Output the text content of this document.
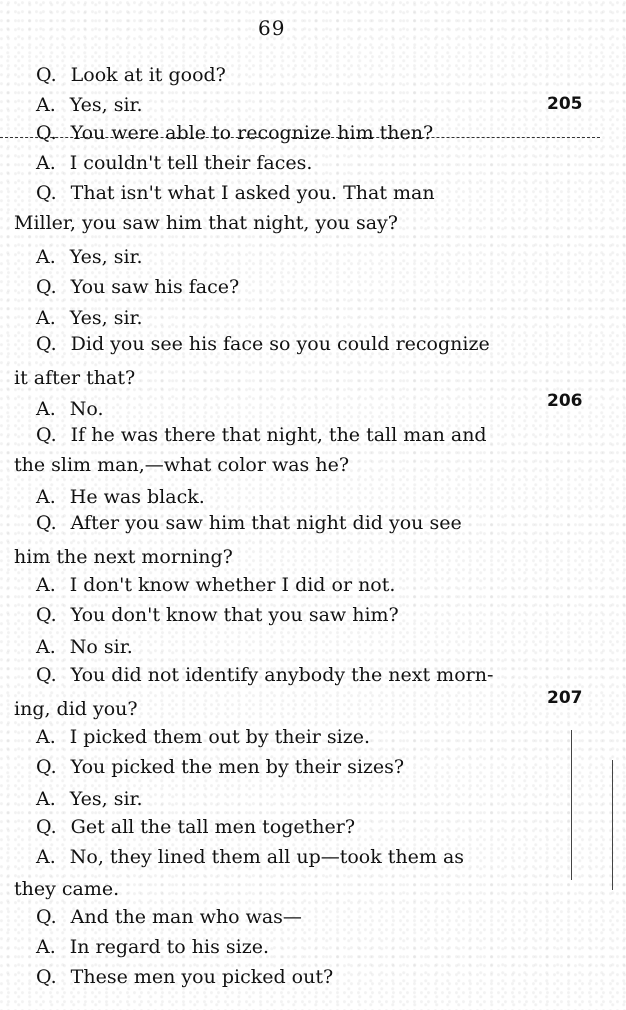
69
205
206
207
Q. Look at it good?
A. Yes, sir.
Q. You were able to recognize him then?
A. I couldn't tell their faces.
Q. That isn't what I asked you. That man
Miller, you saw him that night, you say?
A. Yes, sir.
Q. You saw his face?
A. Yes, sir.
Q. Did you see his face so you could recognize
it after that?
A. No.
Q. If he was there that night, the tall man and
the slim man,—what color was he?
A. He was black.
Q. After you saw him that night did you see
him the next morning?
A. I don't know whether I did or not.
Q. You don't know that you saw him?
A. No sir.
Q. You did not identify anybody the next morn-
ing, did you?
A. I picked them out by their size.
Q. You picked the men by their sizes?
A. Yes, sir.
Q. Get all the tall men together?
A. No, they lined them all up—took them as
they came.
Q. And the man who was—
A. In regard to his size.
Q. These men you picked out?
